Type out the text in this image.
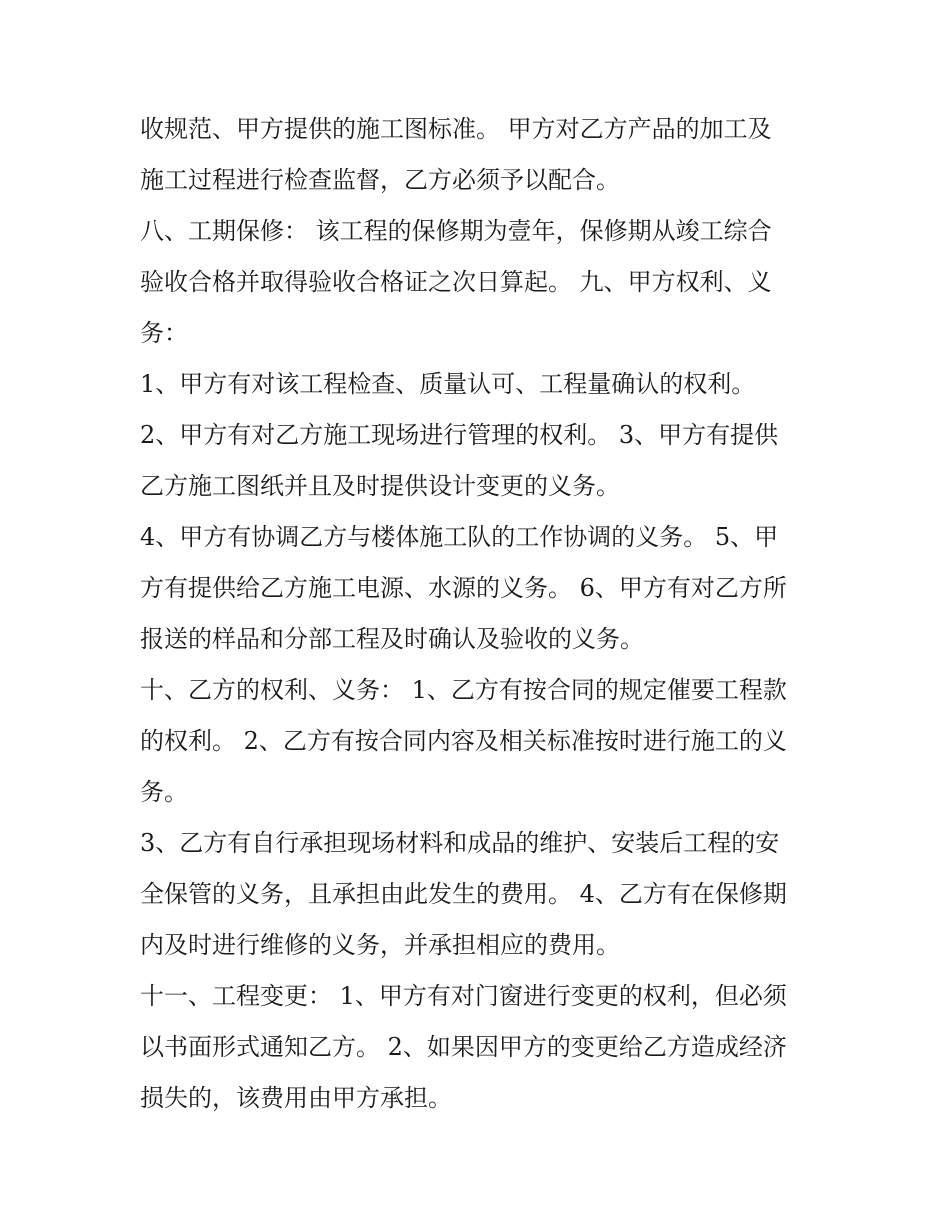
收规范、甲方提供的施工图标准。 甲方对乙方产品的加工及
施工过程进行检查监督，乙方必须予以配合。
八、工期保修： 该工程的保修期为壹年，保修期从竣工综合
验收合格并取得验收合格证之次日算起。 九、甲方权利、义
务：
1、甲方有对该工程检查、质量认可、工程量确认的权利。
2、甲方有对乙方施工现场进行管理的权利。 3、甲方有提供
乙方施工图纸并且及时提供设计变更的义务。
4、甲方有协调乙方与楼体施工队的工作协调的义务。 5、甲
方有提供给乙方施工电源、水源的义务。 6、甲方有对乙方所
报送的样品和分部工程及时确认及验收的义务。
十、乙方的权利、义务： 1、乙方有按合同的规定催要工程款
的权利。 2、乙方有按合同内容及相关标准按时进行施工的义
务。
3、乙方有自行承担现场材料和成品的维护、安装后工程的安
全保管的义务，且承担由此发生的费用。 4、乙方有在保修期
内及时进行维修的义务，并承担相应的费用。
十一、工程变更： 1、甲方有对门窗进行变更的权利，但必须
以书面形式通知乙方。 2、如果因甲方的变更给乙方造成经济
损失的，该费用由甲方承担。
